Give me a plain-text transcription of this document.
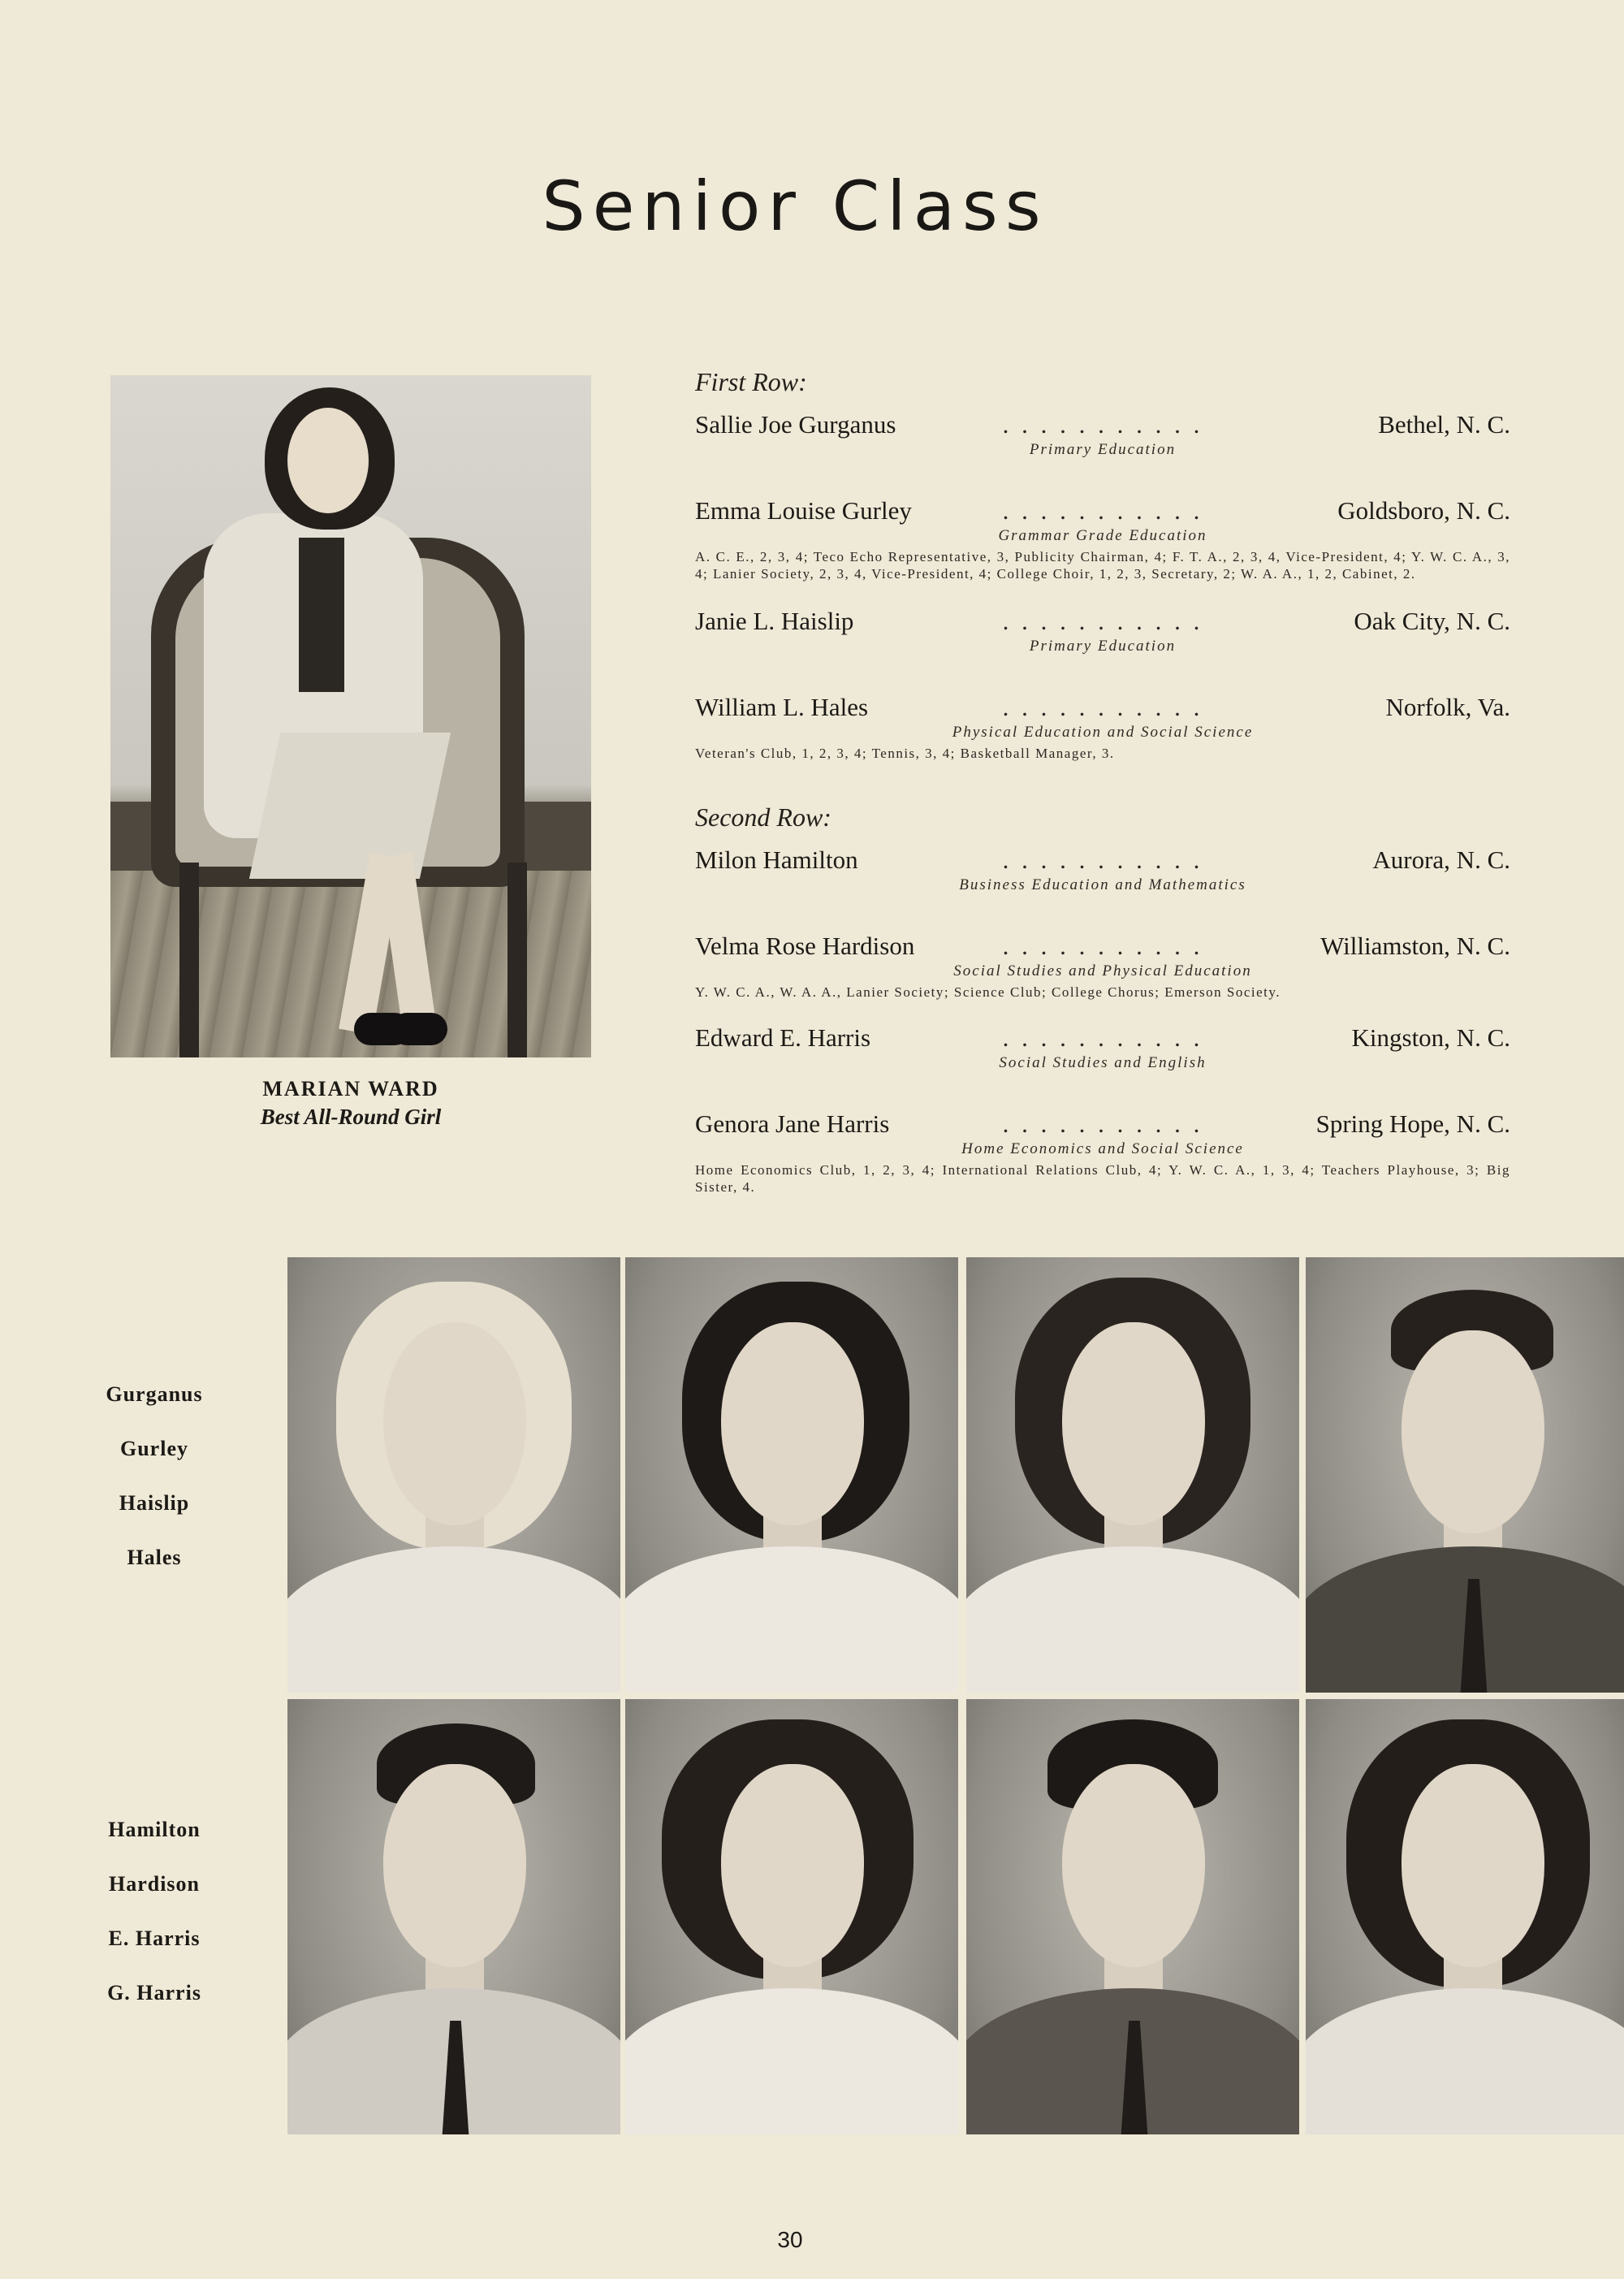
Senior Class
MARIAN WARD
Best All-Round Girl
First Row:
. . . . . . . . . . .
Sallie Joe Gurganus	Bethel, N. C.
Primary Education
. . . . . . . . . . .
Emma Louise Gurley	Goldsboro, N. C.
Grammar Grade Education
A. C. E., 2, 3, 4; Teco Echo Representative, 3, Publicity Chairman, 4; F. T. A., 2, 3, 4, Vice-President, 4; Y. W. C. A., 3, 4; Lanier Society, 2, 3, 4, Vice-President, 4; College Choir, 1, 2, 3, Secretary, 2; W. A. A., 1, 2, Cabinet, 2.
. . . . . . . . . . .
Janie L. Haislip	Oak City, N. C.
Primary Education
. . . . . . . . . . .
William L. Hales	Norfolk, Va.
Physical Education and Social Science
Veteran's Club, 1, 2, 3, 4; Tennis, 3, 4; Basketball Manager, 3.
Second Row:
. . . . . . . . . . .
Milon Hamilton	Aurora, N. C.
Business Education and Mathematics
. . . . . . . . . . .
Velma Rose Hardison	Williamston, N. C.
Social Studies and Physical Education
Y. W. C. A., W. A. A., Lanier Society; Science Club; College Chorus; Emerson Society.
. . . . . . . . . . .
Edward E. Harris	Kingston, N. C.
Social Studies and English
. . . . . . . . . . .
Genora Jane Harris	Spring Hope, N. C.
Home Economics and Social Science
Home Economics Club, 1, 2, 3, 4; International Relations Club, 4; Y. W. C. A., 1, 3, 4; Teachers Playhouse, 3; Big Sister, 4.
Gurganus
Gurley
Haislip
Hales
Hamilton
Hardison
E. Harris
G. Harris
30
